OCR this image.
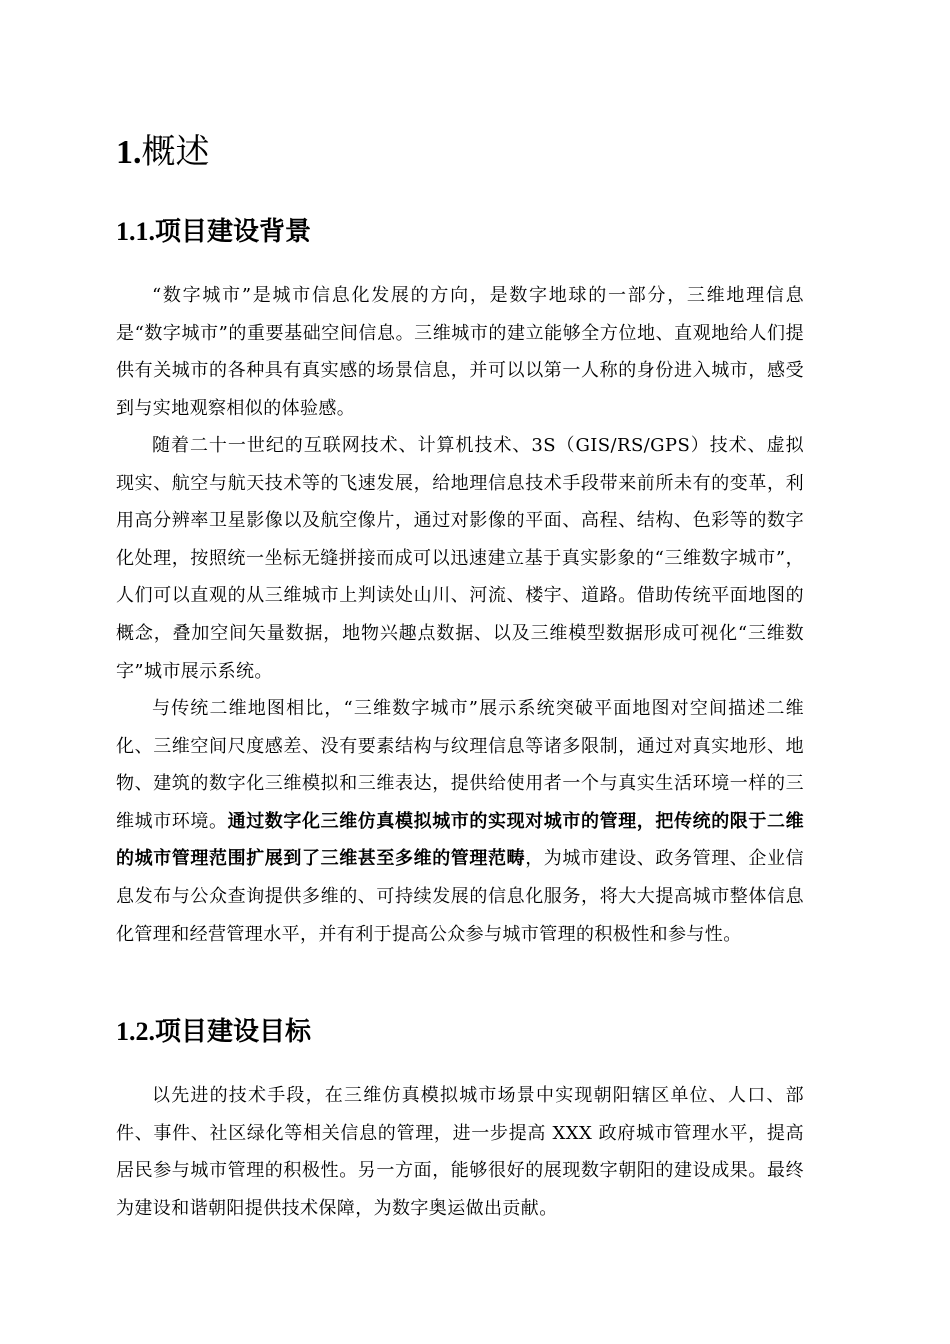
1.概述
1.1.项目建设背景

“数字城市”是城市信息化发展的方向，是数字地球的一部分，三维地理信息是“数字城市”的重要基础空间信息。三维城市的建立能够全方位地、直观地给人们提供有关城市的各种具有真实感的场景信息，并可以以第一人称的身份进入城市，感受到与实地观察相似的体验感。

随着二十一世纪的互联网技术、计算机技术、3S（GIS/RS/GPS）技术、虚拟现实、航空与航天技术等的飞速发展，给地理信息技术手段带来前所未有的变革，利用高分辨率卫星影像以及航空像片，通过对影像的平面、高程、结构、色彩等的数字化处理，按照统一坐标无缝拼接而成可以迅速建立基于真实影象的“三维数字城市”，人们可以直观的从三维城市上判读处山川、河流、楼宇、道路。借助传统平面地图的概念，叠加空间矢量数据，地物兴趣点数据、以及三维模型数据形成可视化“三维数字”城市展示系统。

与传统二维地图相比，“三维数字城市”展示系统突破平面地图对空间描述二维化、三维空间尺度感差、没有要素结构与纹理信息等诸多限制，通过对真实地形、地物、建筑的数字化三维模拟和三维表达，提供给使用者一个与真实生活环境一样的三维城市环境。通过数字化三维仿真模拟城市的实现对城市的管理，把传统的限于二维的城市管理范围扩展到了三维甚至多维的管理范畴，为城市建设、政务管理、企业信息发布与公众查询提供多维的、可持续发展的信息化服务，将大大提高城市整体信息化管理和经营管理水平，并有利于提高公众参与城市管理的积极性和参与性。

1.2.项目建设目标

以先进的技术手段，在三维仿真模拟城市场景中实现朝阳辖区单位、人口、部件、事件、社区绿化等相关信息的管理，进一步提高 XXX 政府城市管理水平，提高居民参与城市管理的积极性。另一方面，能够很好的展现数字朝阳的建设成果。最终为建设和谐朝阳提供技术保障，为数字奥运做出贡献。
